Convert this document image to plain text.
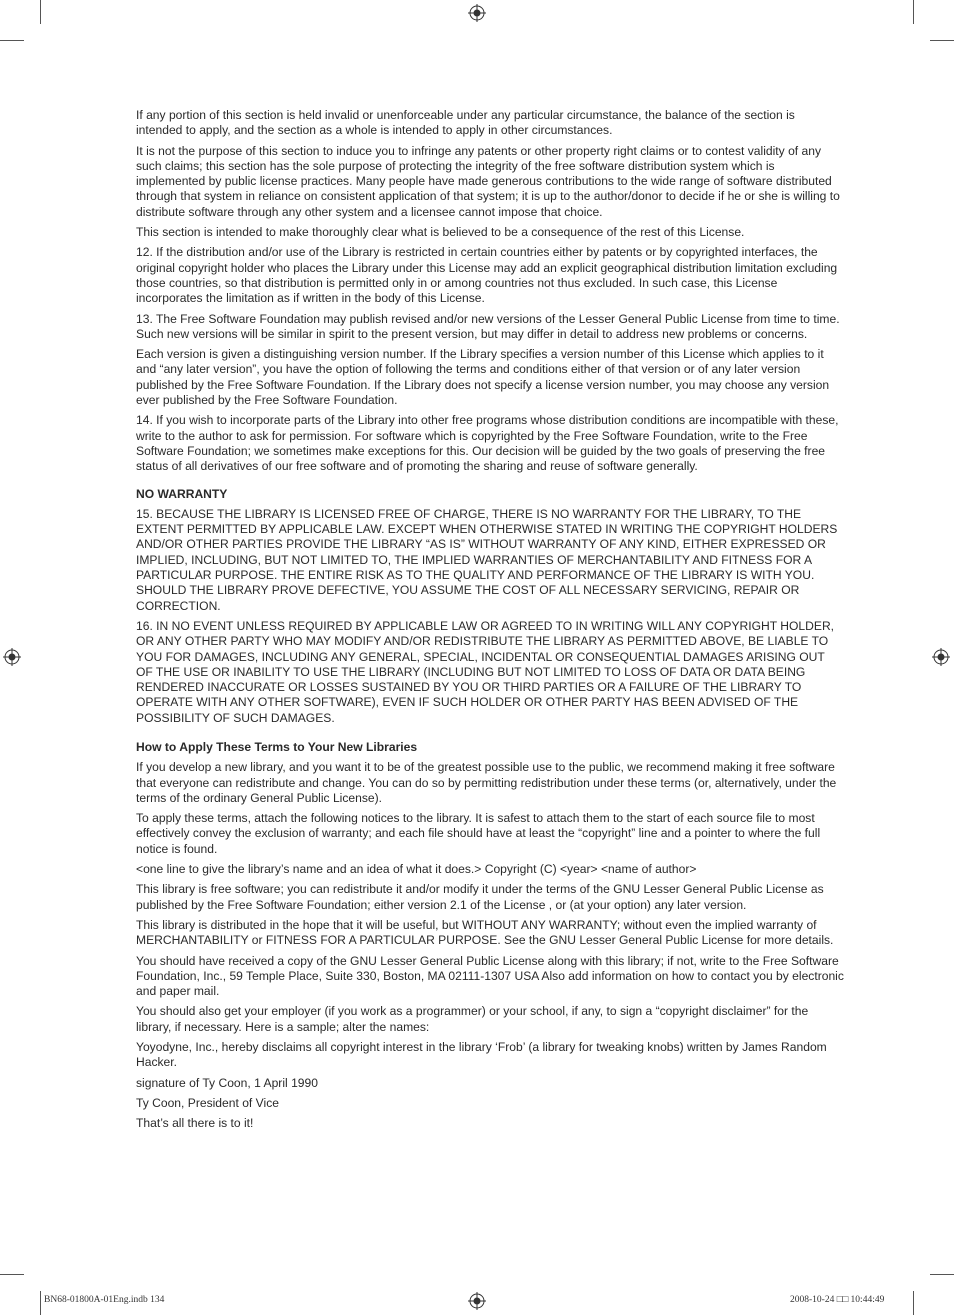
If any portion of this section is held invalid or unenforceable under any particular circumstance, the balance of the section is intended to apply, and the section as a whole is intended to apply in other circumstances.

It is not the purpose of this section to induce you to infringe any patents or other property right claims or to contest validity of any such claims; this section has the sole purpose of protecting the integrity of the free software distribution system which is implemented by public license practices. Many people have made generous contributions to the wide range of software distributed through that system in reliance on consistent application of that system; it is up to the author/donor to decide if he or she is willing to distribute software through any other system and a licensee cannot impose that choice.

This section is intended to make thoroughly clear what is believed to be a consequence of the rest of this License.

12. If the distribution and/or use of the Library is restricted in certain countries either by patents or by copyrighted interfaces, the original copyright holder who places the Library under this License may add an explicit geographical distribution limitation excluding those countries, so that distribution is permitted only in or among countries not thus excluded. In such case, this License incorporates the limitation as if written in the body of this License.

13. The Free Software Foundation may publish revised and/or new versions of the Lesser General Public License from time to time. Such new versions will be similar in spirit to the present version, but may differ in detail to address new problems or concerns.

Each version is given a distinguishing version number. If the Library specifies a version number of this License which applies to it and “any later version”, you have the option of following the terms and conditions either of that version or of any later version published by the Free Software Foundation. If the Library does not specify a license version number, you may choose any version ever published by the Free Software Foundation.

14. If you wish to incorporate parts of the Library into other free programs whose distribution conditions are incompatible with these, write to the author to ask for permission. For software which is copyrighted by the Free Software Foundation, write to the Free Software Foundation; we sometimes make exceptions for this. Our decision will be guided by the two goals of preserving the free status of all derivatives of our free software and of promoting the sharing and reuse of software generally.

NO WARRANTY

15. BECAUSE THE LIBRARY IS LICENSED FREE OF CHARGE, THERE IS NO WARRANTY FOR THE LIBRARY, TO THE EXTENT PERMITTED BY APPLICABLE LAW. EXCEPT WHEN OTHERWISE STATED IN WRITING THE COPYRIGHT HOLDERS AND/OR OTHER PARTIES PROVIDE THE LIBRARY “AS IS” WITHOUT WARRANTY OF ANY KIND, EITHER EXPRESSED OR IMPLIED, INCLUDING, BUT NOT LIMITED TO, THE IMPLIED WARRANTIES OF MERCHANTABILITY AND FITNESS FOR A PARTICULAR PURPOSE. THE ENTIRE RISK AS TO THE QUALITY AND PERFORMANCE OF THE LIBRARY IS WITH YOU. SHOULD THE LIBRARY PROVE DEFECTIVE, YOU ASSUME THE COST OF ALL NECESSARY SERVICING, REPAIR OR CORRECTION.

16. IN NO EVENT UNLESS REQUIRED BY APPLICABLE LAW OR AGREED TO IN WRITING WILL ANY COPYRIGHT HOLDER, OR ANY OTHER PARTY WHO MAY MODIFY AND/OR REDISTRIBUTE THE LIBRARY AS PERMITTED ABOVE, BE LIABLE TO YOU FOR DAMAGES, INCLUDING ANY GENERAL, SPECIAL, INCIDENTAL OR CONSEQUENTIAL DAMAGES ARISING OUT OF THE USE OR INABILITY TO USE THE LIBRARY (INCLUDING BUT NOT LIMITED TO LOSS OF DATA OR DATA BEING RENDERED INACCURATE OR LOSSES SUSTAINED BY YOU OR THIRD PARTIES OR A FAILURE OF THE LIBRARY TO OPERATE WITH ANY OTHER SOFTWARE), EVEN IF SUCH HOLDER OR OTHER PARTY HAS BEEN ADVISED OF THE POSSIBILITY OF SUCH DAMAGES.

How to Apply These Terms to Your New Libraries

If you develop a new library, and you want it to be of the greatest possible use to the public, we recommend making it free software that everyone can redistribute and change. You can do so by permitting redistribution under these terms (or, alternatively, under the terms of the ordinary General Public License).

To apply these terms, attach the following notices to the library. It is safest to attach them to the start of each source file to most effectively convey the exclusion of warranty; and each file should have at least the “copyright” line and a pointer to where the full notice is found.

<one line to give the library’s name and an idea of what it does.> Copyright (C) <year> <name of author>

This library is free software; you can redistribute it and/or modify it under the terms of the GNU Lesser General Public License as published by the Free Software Foundation; either version 2.1 of the License , or (at your option) any later version.

This library is distributed in the hope that it will be useful, but WITHOUT ANY WARRANTY; without even the implied warranty of MERCHANTABILITY or FITNESS FOR A PARTICULAR PURPOSE. See the GNU Lesser General Public License for more details.

You should have received a copy of the GNU Lesser General Public License along with this library; if not, write to the Free Software Foundation, Inc., 59 Temple Place, Suite 330, Boston, MA 02111-1307 USA Also add information on how to contact you by electronic and paper mail.

You should also get your employer (if you work as a programmer) or your school, if any, to sign a “copyright disclaimer” for the library, if necessary. Here is a sample; alter the names:

Yoyodyne, Inc., hereby disclaims all copyright interest in the library ‘Frob’ (a library for tweaking knobs) written by James Random Hacker.

signature of Ty Coon, 1 April 1990

Ty Coon, President of Vice

That’s all there is to it!

BN68-01800A-01Eng.indb 134	2008-10-24 □□ 10:44:49
